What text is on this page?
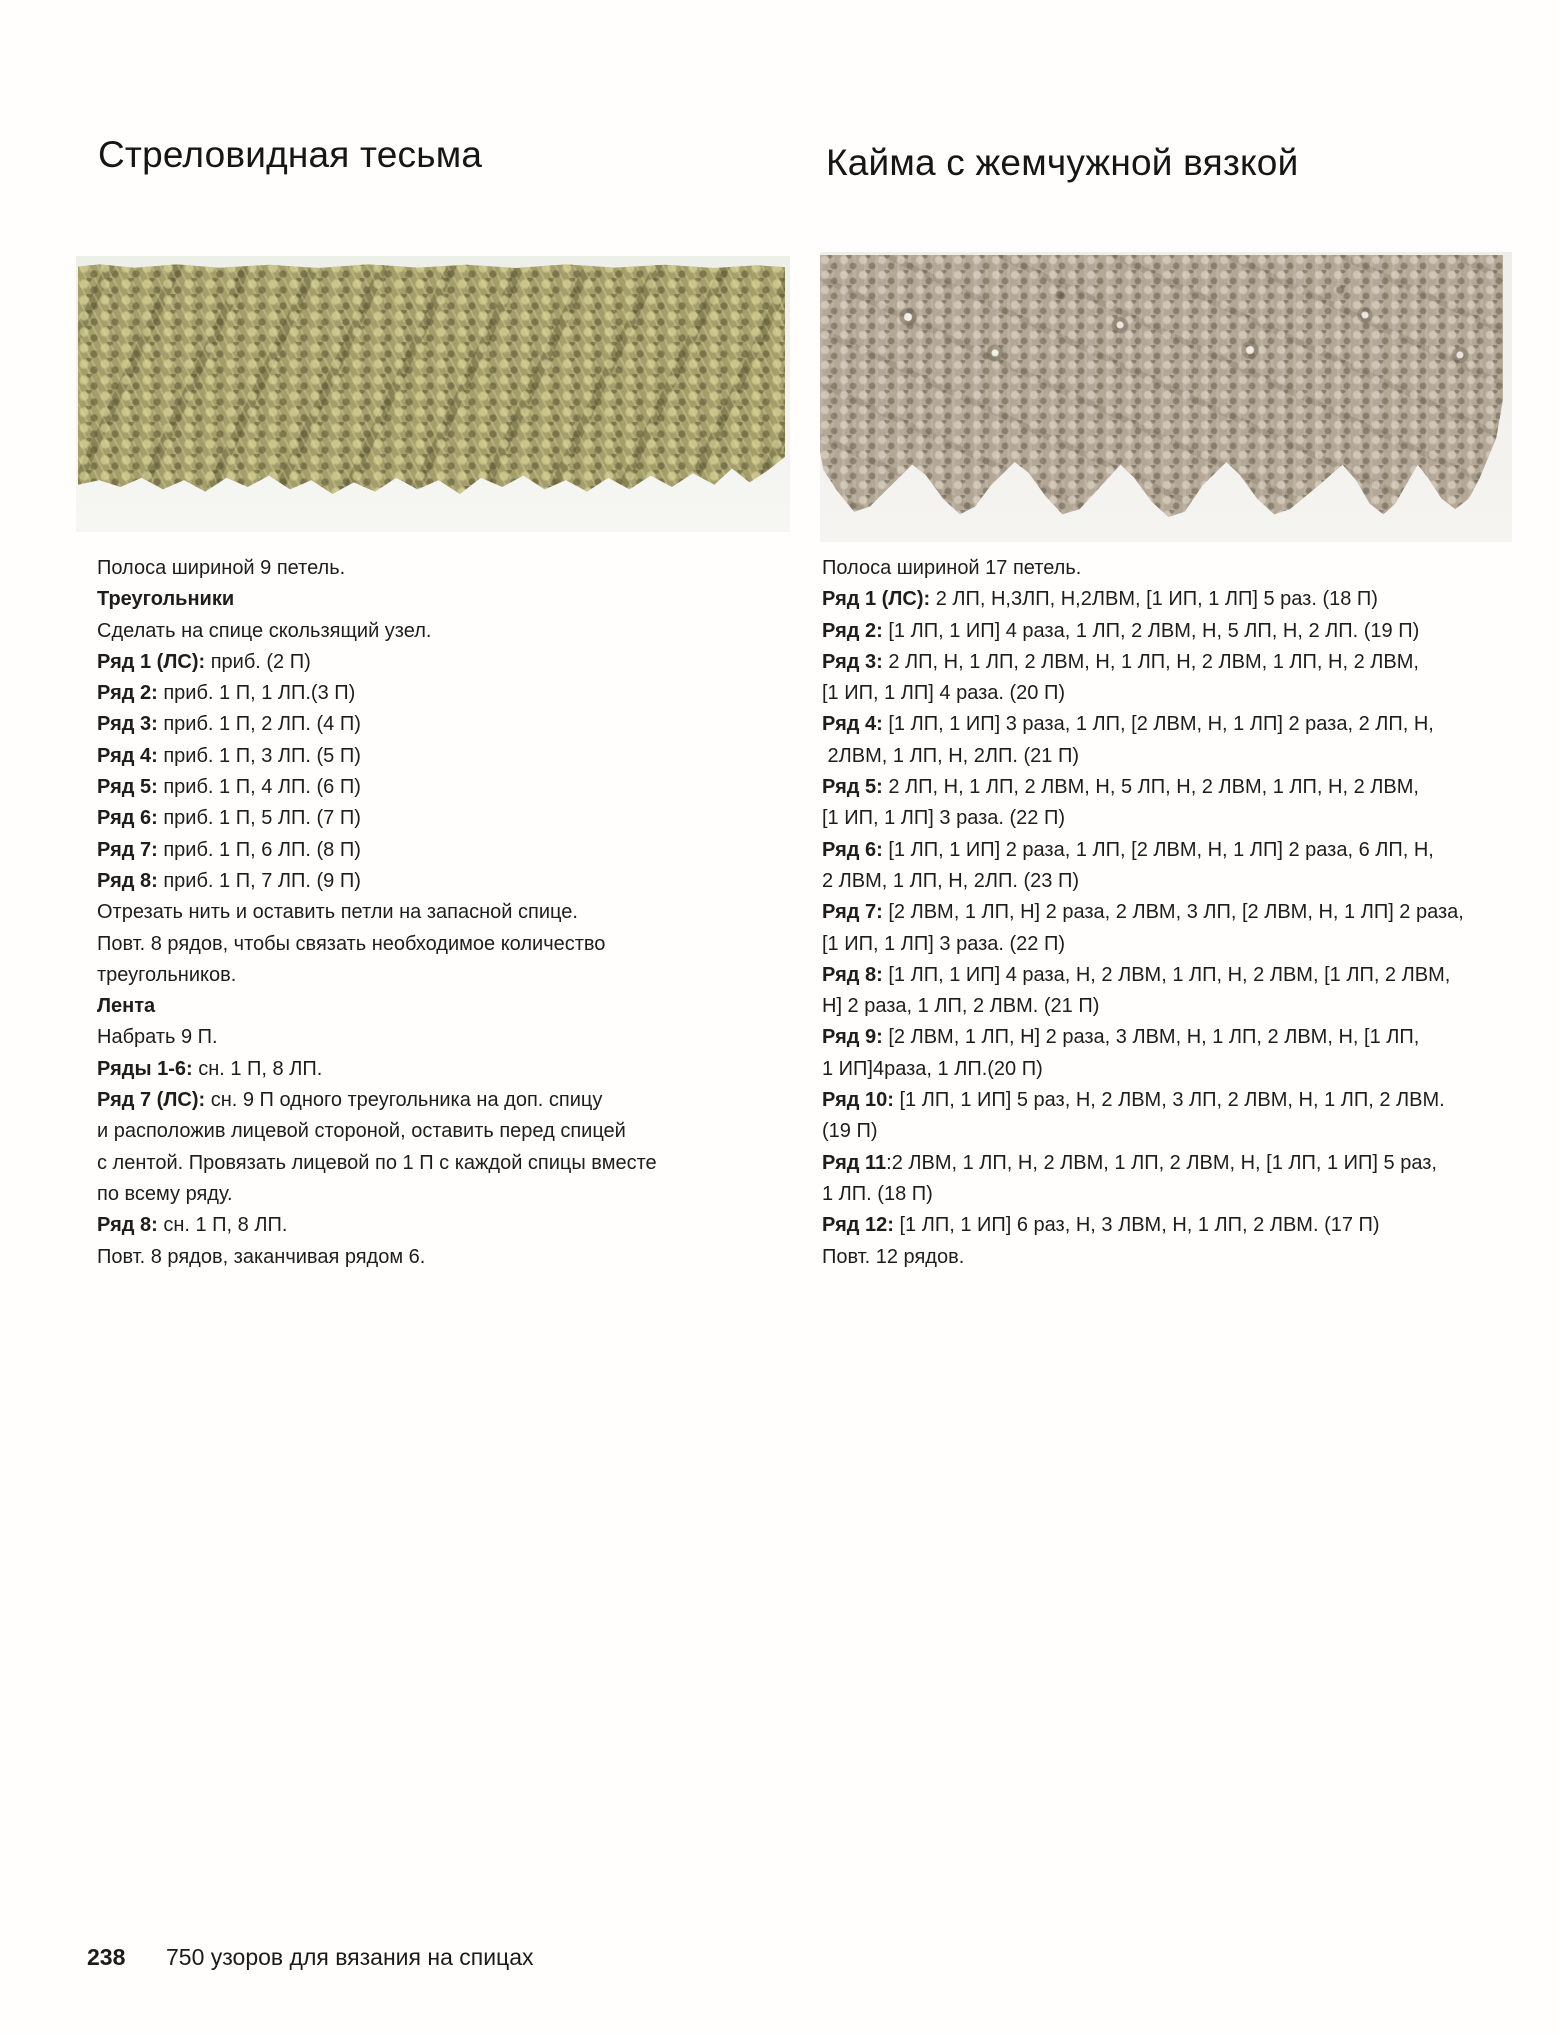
Стреловидная тесьма	Кайма с жемчужной вязкой

Полоса шириной 9 петель.

Треугольники

Сделать на спице скользящий узел.

Ряд 1 (ЛС): приб. (2 П)

Ряд 2: приб. 1 П, 1 ЛП.(3 П)

Ряд 3: приб. 1 П, 2 ЛП. (4 П)

Ряд 4: приб. 1 П, 3 ЛП. (5 П)

Ряд 5: приб. 1 П, 4 ЛП. (6 П)

Ряд 6: приб. 1 П, 5 ЛП. (7 П)

Ряд 7: приб. 1 П, 6 ЛП. (8 П)

Ряд 8: приб. 1 П, 7 ЛП. (9 П)

Отрезать нить и оставить петли на запасной спице.

Повт. 8 рядов, чтобы связать необходимое количество

треугольников.

Лента

Набрать 9 П.

Ряды 1-6: сн. 1 П, 8 ЛП.

Ряд 7 (ЛС): сн. 9 П одного треугольника на доп. спицу

и расположив лицевой стороной, оставить перед спицей

с лентой. Провязать лицевой по 1 П с каждой спицы вместе

по всему ряду.

Ряд 8: сн. 1 П, 8 ЛП.

Повт. 8 рядов, заканчивая рядом 6.

Полоса шириной 17 петель.

Ряд 1 (ЛС): 2 ЛП, Н,3ЛП, Н,2ЛВМ, [1 ИП, 1 ЛП] 5 раз. (18 П)

Ряд 2: [1 ЛП, 1 ИП] 4 раза, 1 ЛП, 2 ЛВМ, Н, 5 ЛП, Н, 2 ЛП. (19 П)

Ряд 3: 2 ЛП, Н, 1 ЛП, 2 ЛВМ, Н, 1 ЛП, Н, 2 ЛВМ, 1 ЛП, Н, 2 ЛВМ,

[1 ИП, 1 ЛП] 4 раза. (20 П)

Ряд 4: [1 ЛП, 1 ИП] 3 раза, 1 ЛП, [2 ЛВМ, Н, 1 ЛП] 2 раза, 2 ЛП, Н,

2ЛВМ, 1 ЛП, Н, 2ЛП. (21 П)

Ряд 5: 2 ЛП, Н, 1 ЛП, 2 ЛВМ, Н, 5 ЛП, Н, 2 ЛВМ, 1 ЛП, Н, 2 ЛВМ,

[1 ИП, 1 ЛП] 3 раза. (22 П)

Ряд 6: [1 ЛП, 1 ИП] 2 раза, 1 ЛП, [2 ЛВМ, Н, 1 ЛП] 2 раза, 6 ЛП, Н,

2 ЛВМ, 1 ЛП, Н, 2ЛП. (23 П)

Ряд 7: [2 ЛВМ, 1 ЛП, Н] 2 раза, 2 ЛВМ, 3 ЛП, [2 ЛВМ, Н, 1 ЛП] 2 раза,

[1 ИП, 1 ЛП] 3 раза. (22 П)

Ряд 8: [1 ЛП, 1 ИП] 4 раза, Н, 2 ЛВМ, 1 ЛП, Н, 2 ЛВМ, [1 ЛП, 2 ЛВМ,

Н] 2 раза, 1 ЛП, 2 ЛВМ. (21 П)

Ряд 9: [2 ЛВМ, 1 ЛП, Н] 2 раза, 3 ЛВМ, Н, 1 ЛП, 2 ЛВМ, Н, [1 ЛП,

1 ИП]4раза, 1 ЛП.(20 П)

Ряд 10: [1 ЛП, 1 ИП] 5 раз, Н, 2 ЛВМ, 3 ЛП, 2 ЛВМ, Н, 1 ЛП, 2 ЛВМ.

(19 П)

Ряд 11:2 ЛВМ, 1 ЛП, Н, 2 ЛВМ, 1 ЛП, 2 ЛВМ, Н, [1 ЛП, 1 ИП] 5 раз,

1 ЛП. (18 П)

Ряд 12: [1 ЛП, 1 ИП] 6 раз, Н, 3 ЛВМ, Н, 1 ЛП, 2 ЛВМ. (17 П)

Повт. 12 рядов.

238 750 узоров для вязания на спицах
